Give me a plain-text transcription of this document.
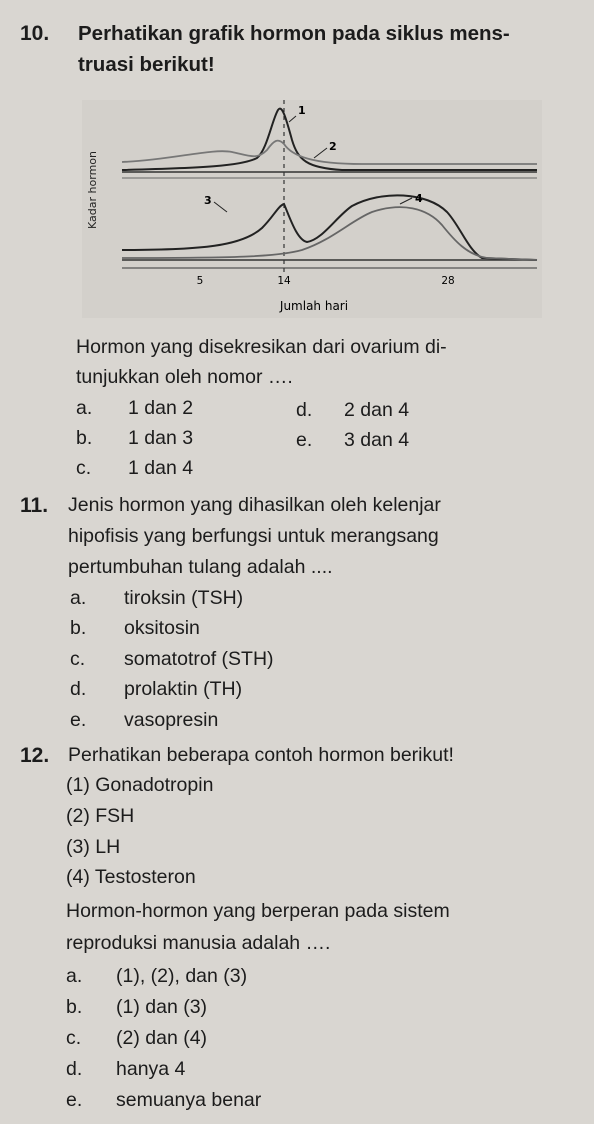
10. Perhatikan grafik hormon pada siklus mens-
truasi berikut!
Kadar hormon
1
2
3	4
5	14	28
Jumlah hari
Hormon yang disekresikan dari ovarium di-
tunjukkan oleh nomor ….
a. 1 dan 2
b. 1 dan 3
c. 1 dan 4
d. 2 dan 4
e. 3 dan 4
11. Jenis hormon yang dihasilkan oleh kelenjar
hipofisis yang berfungsi untuk merangsang
pertumbuhan tulang adalah ....
a. tiroksin (TSH)
b. oksitosin
c. somatotrof (STH)
d. prolaktin (TH)
e. vasopresin
12. Perhatikan beberapa contoh hormon berikut!
(1) Gonadotropin
(2) FSH
(3) LH
(4) Testosteron
Hormon-hormon yang berperan pada sistem
reproduksi manusia adalah ….
a. (1), (2), dan (3)
b. (1) dan (3)
c. (2) dan (4)
d. hanya 4
e. semuanya benar
